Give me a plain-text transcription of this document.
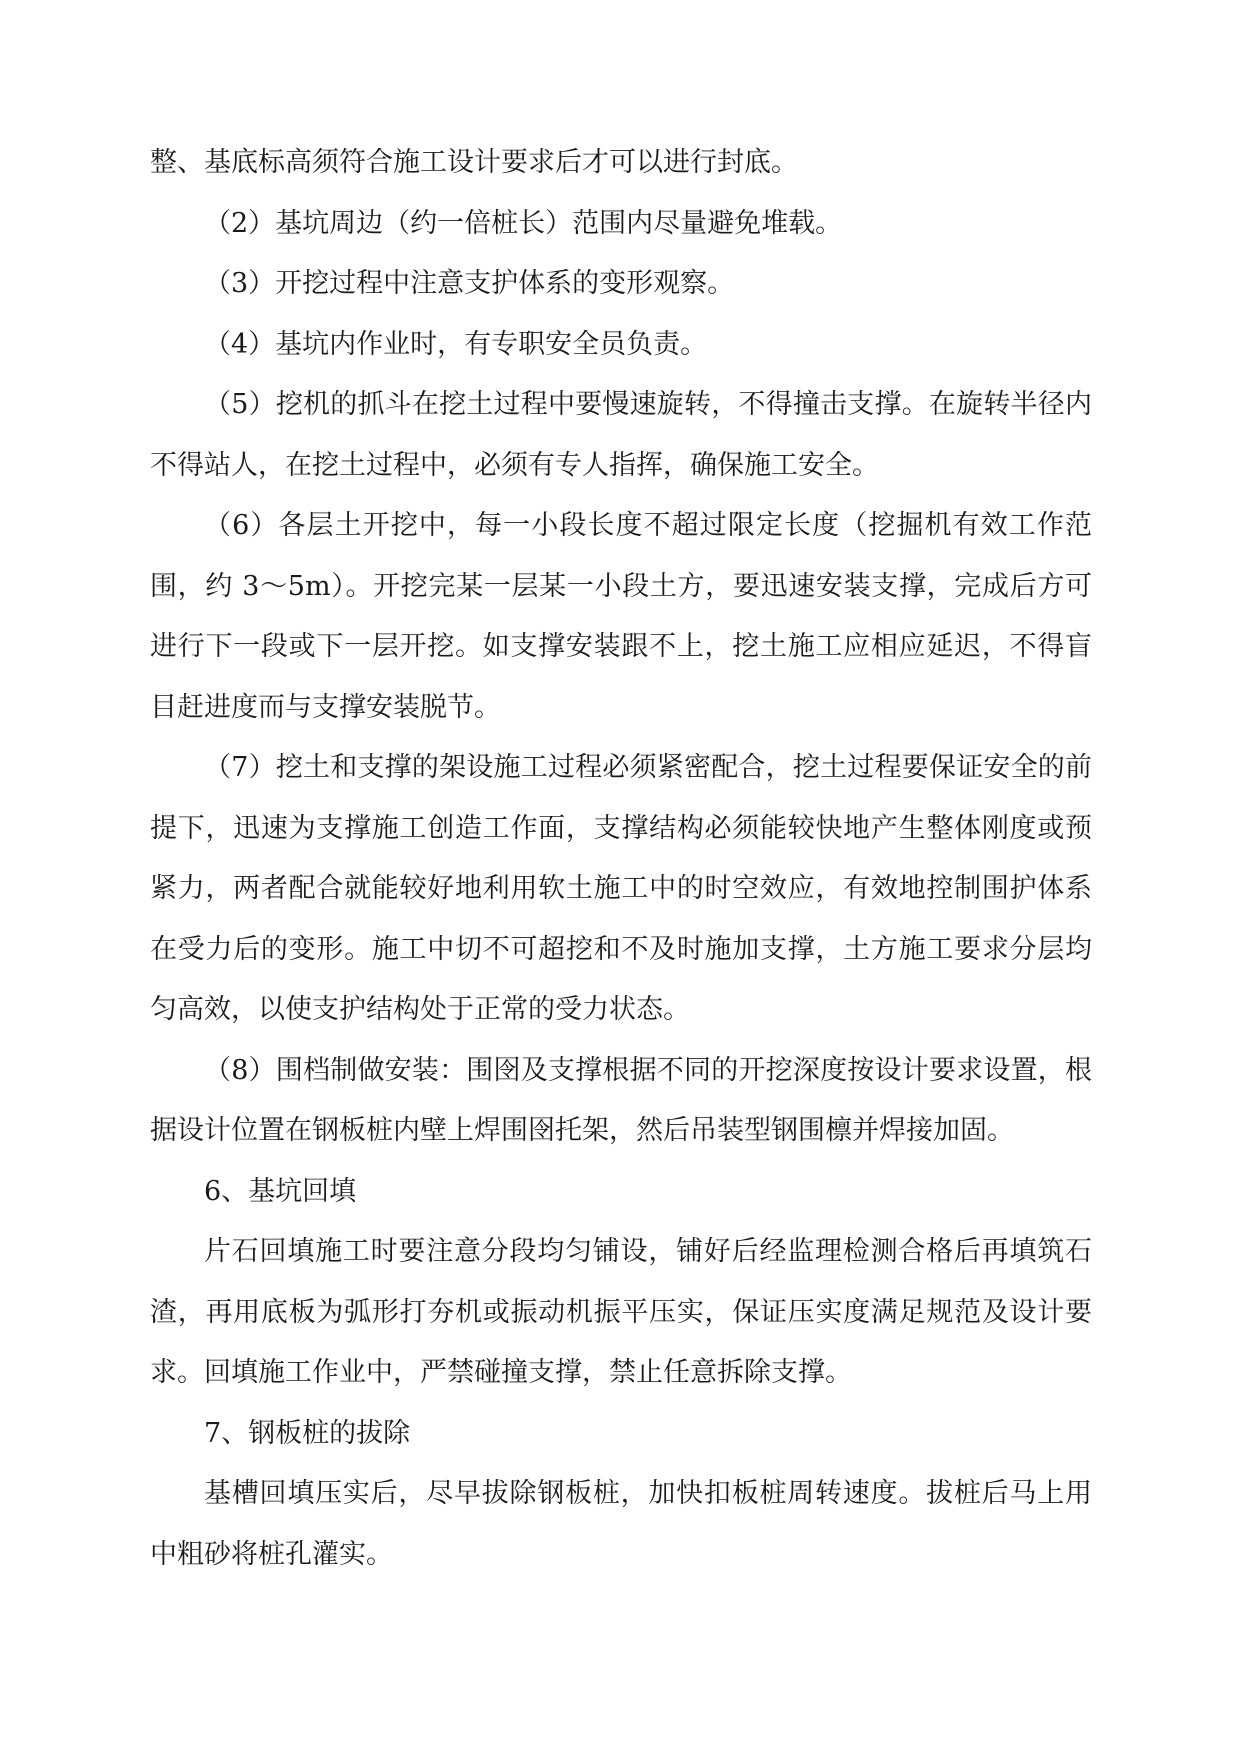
整、基底标高须符合施工设计要求后才可以进行封底。

（2）基坑周边（约一倍桩长）范围内尽量避免堆载。

（3）开挖过程中注意支护体系的变形观察。

（4）基坑内作业时，有专职安全员负责。

（5）挖机的抓斗在挖土过程中要慢速旋转，不得撞击支撑。在旋转半径内不得站人，在挖土过程中，必须有专人指挥，确保施工安全。

（6）各层土开挖中，每一小段长度不超过限定长度（挖掘机有效工作范围，约 3～5m）。开挖完某一层某一小段土方，要迅速安装支撑，完成后方可进行下一段或下一层开挖。如支撑安装跟不上，挖土施工应相应延迟，不得盲目赶进度而与支撑安装脱节。

（7）挖土和支撑的架设施工过程必须紧密配合，挖土过程要保证安全的前提下，迅速为支撑施工创造工作面，支撑结构必须能较快地产生整体刚度或预紧力，两者配合就能较好地利用软土施工中的时空效应，有效地控制围护体系在受力后的变形。施工中切不可超挖和不及时施加支撑，土方施工要求分层均匀高效，以使支护结构处于正常的受力状态。

（8）围档制做安装：围囹及支撑根据不同的开挖深度按设计要求设置，根据设计位置在钢板桩内壁上焊围囹托架，然后吊装型钢围檩并焊接加固。

6、基坑回填

片石回填施工时要注意分段均匀铺设，铺好后经监理检测合格后再填筑石渣，再用底板为弧形打夯机或振动机振平压实，保证压实度满足规范及设计要求。回填施工作业中，严禁碰撞支撑，禁止任意拆除支撑。

7、钢板桩的拔除

基槽回填压实后，尽早拔除钢板桩，加快扣板桩周转速度。拔桩后马上用中粗砂将桩孔灌实。
